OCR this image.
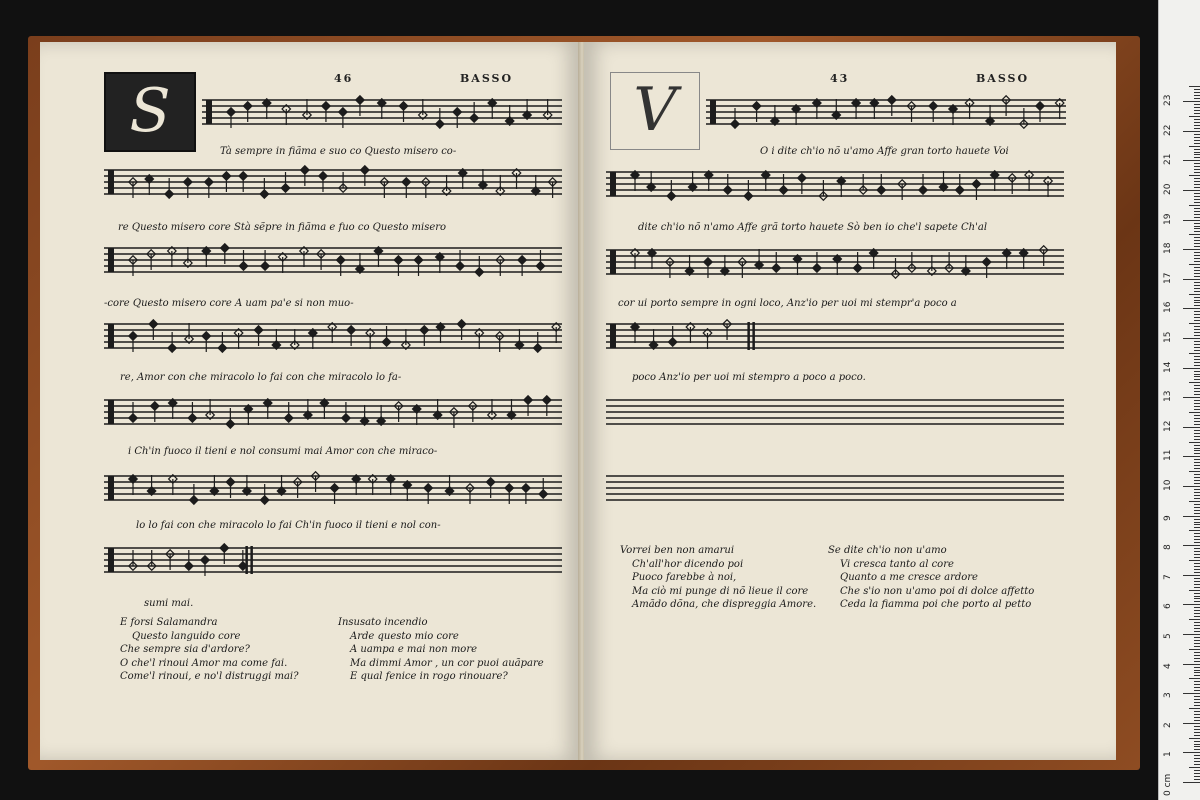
46	BASSO
S
Tà sempre in fiãma e suo co Questo misero co-
re Questo misero core Stà sẽpre in fiãma e fuo co Questo misero
-core Questo misero core A uam pa'e si non muo-
re, Amor con che miracolo lo fai con che miracolo lo fa-
i Ch'in fuoco il tieni e nol consumi mai Amor con che miraco-
lo lo fai con che miracolo lo fai Ch'in fuoco il tieni e nol con-
sumi mai.
E forsi Salamandra
Questo languido core
Che sempre sia d'ardore?
O che'l rinoui Amor ma come fai.
Come'l rinoui, e no'l distruggi mai?
Insusato incendio
Arde questo mio core
A uampa e mai non more
Ma dimmi Amor , un cor puoi auãpare
E qual fenice in rogo rinouare?
43	BASSO
V
O i dite ch'io nõ u'amo Affe gran torto hauete Voi
dite ch'io nõ n'amo Affe grã torto hauete Sò ben io che'l sapete Ch'al
cor ui porto sempre in ogni loco, Anz'io per uoi mi stempr'a poco a
poco Anz'io per uoi mi stempro a poco a poco.
Vorrei ben non amarui
Ch'all'hor dicendo poi
Puoco farebbe à noi,
Ma ciò mi punge di nõ lieue il core
Amãdo dõna, che dispreggia Amore.
Se dite ch'io non u'amo
Vi cresca tanto al core
Quanto a me cresce ardore
Che s'io non u'amo poi di dolce affetto
Ceda la fiamma poi che porto al petto
0 cm
1
2
3
4
5
6
7
8
9
10
11
12
13
14
15
16
17
18
19
20
21
22
23
